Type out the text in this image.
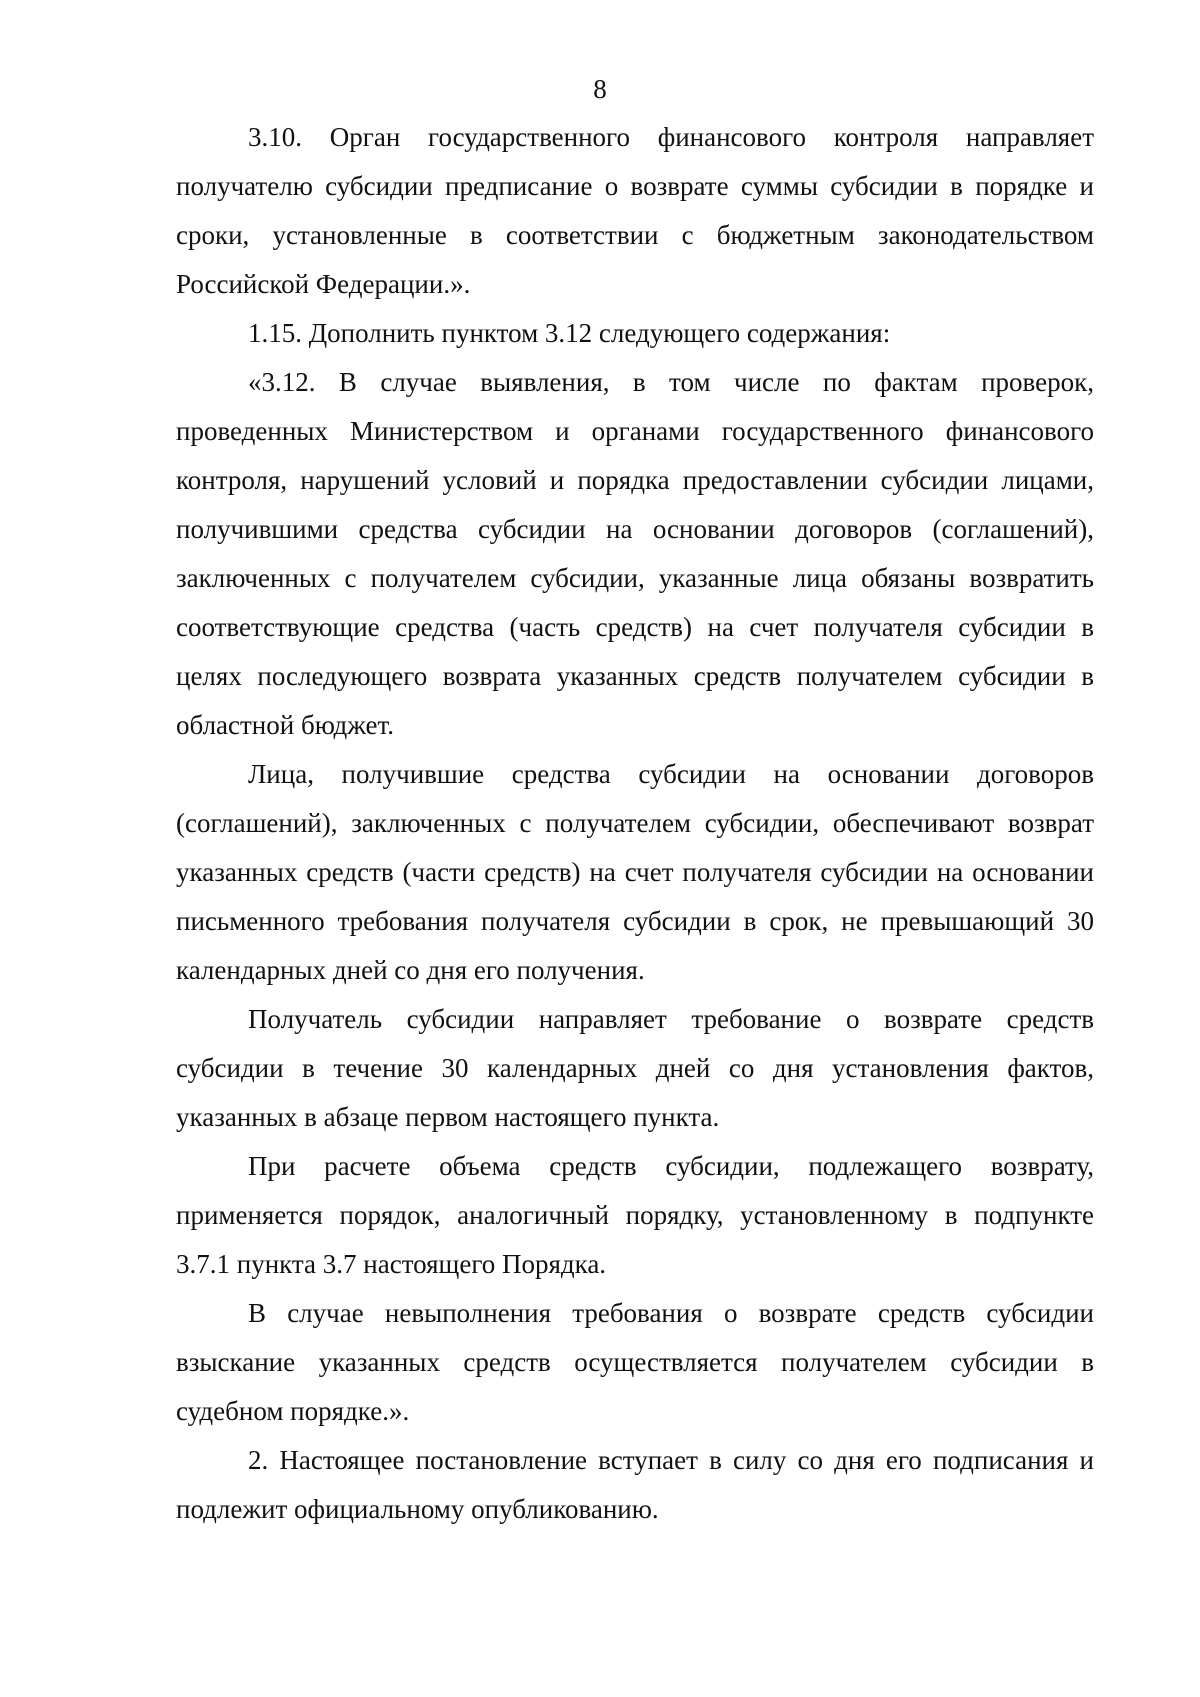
8

3.10. Орган государственного финансового контроля направляет получателю субсидии предписание о возврате суммы субсидии в порядке и сроки, установленные в соответствии с бюджетным законодательством Российской Федерации.».

1.15. Дополнить пунктом 3.12 следующего содержания:

«3.12. В случае выявления, в том числе по фактам проверок, проведенных Министерством и органами государственного финансового контроля, нарушений условий и порядка предоставлении субсидии лицами, получившими средства субсидии на основании договоров (соглашений), заключенных с получателем субсидии, указанные лица обязаны возвратить соответствующие средства (часть средств) на счет получателя субсидии в целях последующего возврата указанных средств получателем субсидии в областной бюджет.

Лица, получившие средства субсидии на основании договоров (соглашений), заключенных с получателем субсидии, обеспечивают возврат указанных средств (части средств) на счет получателя субсидии на основании письменного требования получателя субсидии в срок, не превышающий 30 календарных дней со дня его получения.

Получатель субсидии направляет требование о возврате средств субсидии в течение 30 календарных дней со дня установления фактов, указанных в абзаце первом настоящего пункта.

При расчете объема средств субсидии, подлежащего возврату, применяется порядок, аналогичный порядку, установленному в подпункте 3.7.1 пункта 3.7 настоящего Порядка.

В случае невыполнения требования о возврате средств субсидии взыскание указанных средств осуществляется получателем субсидии в судебном порядке.».

2. Настоящее постановление вступает в силу со дня его подписания и подлежит официальному опубликованию.
